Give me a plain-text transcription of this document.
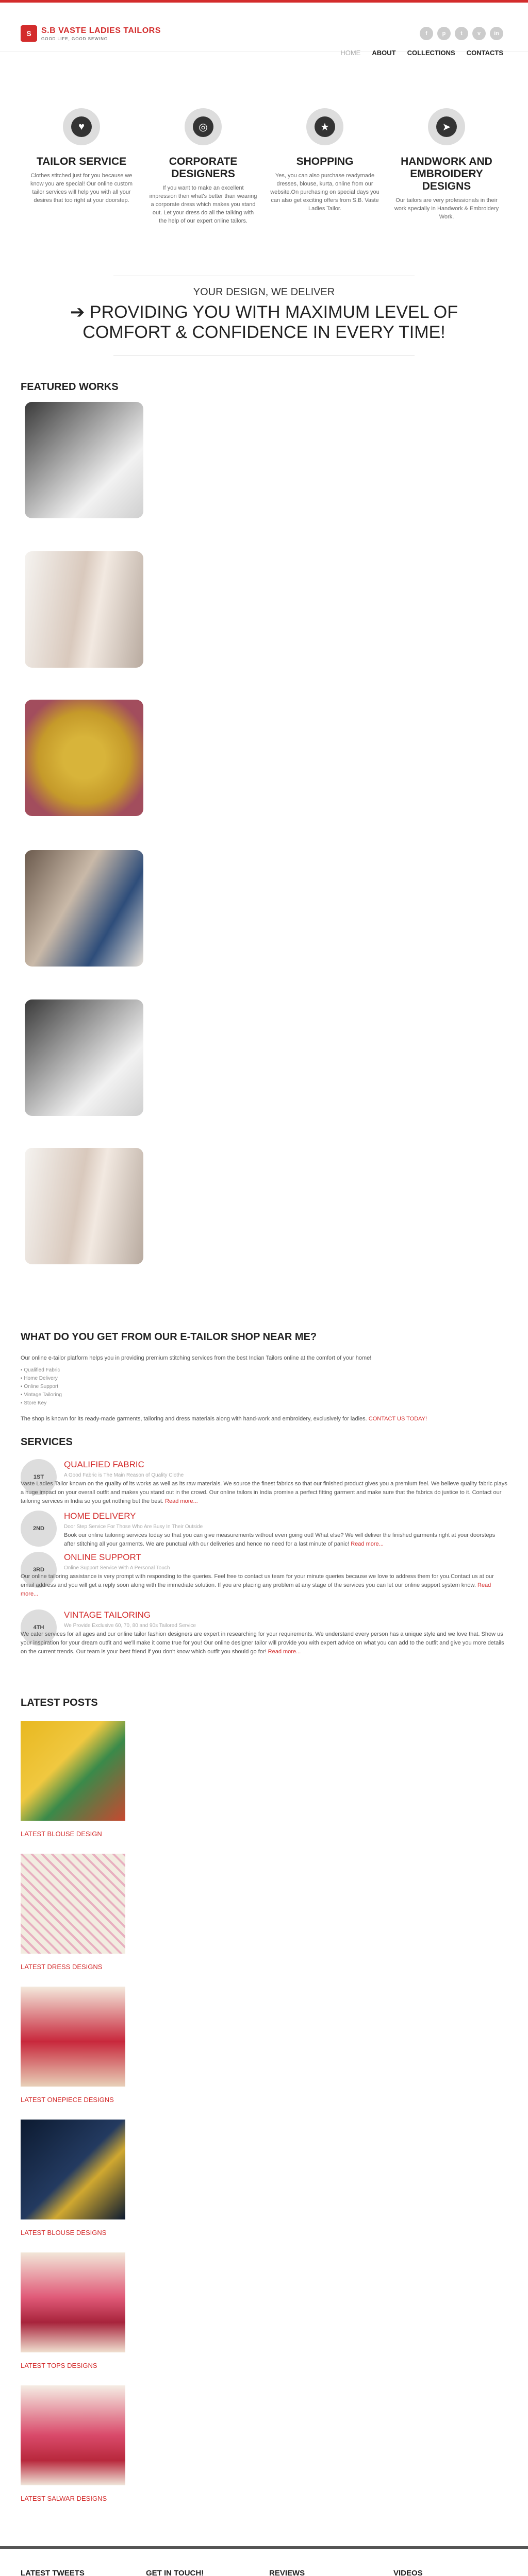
S	S.B VASTE LADIES TAILORS
GOOD LIFE, GOOD SEWING
f	p	t	v	in
HOME ABOUT COLLECTIONS CONTACTS
♥
TAILOR SERVICE
Clothes stitched just for you because we know you are special! Our online custom tailor services will help you with all your desires that too right at your doorstep.
◎
CORPORATE DESIGNERS
If you want to make an excellent impression then what's better than wearing a corporate dress which makes you stand out. Let your dress do all the talking with the help of our expert online tailors.
★
SHOPPING
Yes, you can also purchase readymade dresses, blouse, kurta, online from our website.On purchasing on special days you can also get exciting offers from S.B. Vaste Ladies Tailor.
➤
HANDWORK AND EMBROIDERY DESIGNS
Our tailors are very professionals in their work specially in Handwork & Embroidery Work.
YOUR DESIGN, WE DELIVER
➔ PROVIDING YOU WITH MAXIMUM LEVEL OF COMFORT & CONFIDENCE IN EVERY TIME!
FEATURED WORKS
WHAT DO YOU GET FROM OUR E-TAILOR SHOP NEAR ME?
Our online e-tailor platform helps you in providing premium stitching services from the best Indian Tailors online at the comfort of your home!
▪ Qualified Fabric
▪ Home Delivery
▪ Online Support
▪ Vintage Tailoring
▪ Store Key
The shop is known for its ready-made garments, tailoring and dress materials along with hand-work and embroidery, exclusively for ladies. CONTACT US TODAY!
SERVICES
1ST
QUALIFIED FABRIC
A Good Fabric is The Main Reason of Quality Clothe
Vaste Ladies Tailor known on the quality of its works as well as its raw materials. We source the finest fabrics so that our finished product gives you a premium feel. We believe quality fabric plays a huge impact on your overall outfit and makes you stand out in the crowd. Our online tailors in India promise a perfect fitting garment and make sure that the fabrics do justice to it. Contact our tailoring services in India so you get nothing but the best. Read more...
2ND
HOME DELIVERY
Door Step Service For Those Who Are Busy In Their Outside
Book our online tailoring services today so that you can give measurements without even going out! What else? We will deliver the finished garments right at your doorsteps after stitching all your garments. We are punctual with our deliveries and hence no need for a last minute of panic! Read more...
3RD
ONLINE SUPPORT
Online Support Service With A Personal Touch
Our online tailoring assistance is very prompt with responding to the queries. Feel free to contact us team for your minute queries because we love to address them for you.Contact us at our email address and you will get a reply soon along with the immediate solution. If you are placing any problem at any stage of the services you can let our online support system know. Read more...
4TH
VINTAGE TAILORING
We Provide Exclusive 60, 70, 80 and 90s Tailored Service
We cater services for all ages and our online tailor fashion designers are expert in researching for your requirements. We understand every person has a unique style and we love that. Show us your inspiration for your dream outfit and we'll make it come true for you! Our online designer tailor will provide you with expert advice on what you can add to the outfit and give you more details on the current trends. Our team is your best friend if you don't know which outfit you should go for! Read more...
LATEST POSTS
LATEST BLOUSE DESIGN
LATEST DRESS DESIGNS
LATEST ONEPIECE DESIGNS
LATEST BLOUSE DESIGNS
LATEST TOPS DESIGNS
LATEST SALWAR DESIGNS
LATEST TWEETS	GET IN TOUCH!	REVIEWS	VIDEOS
